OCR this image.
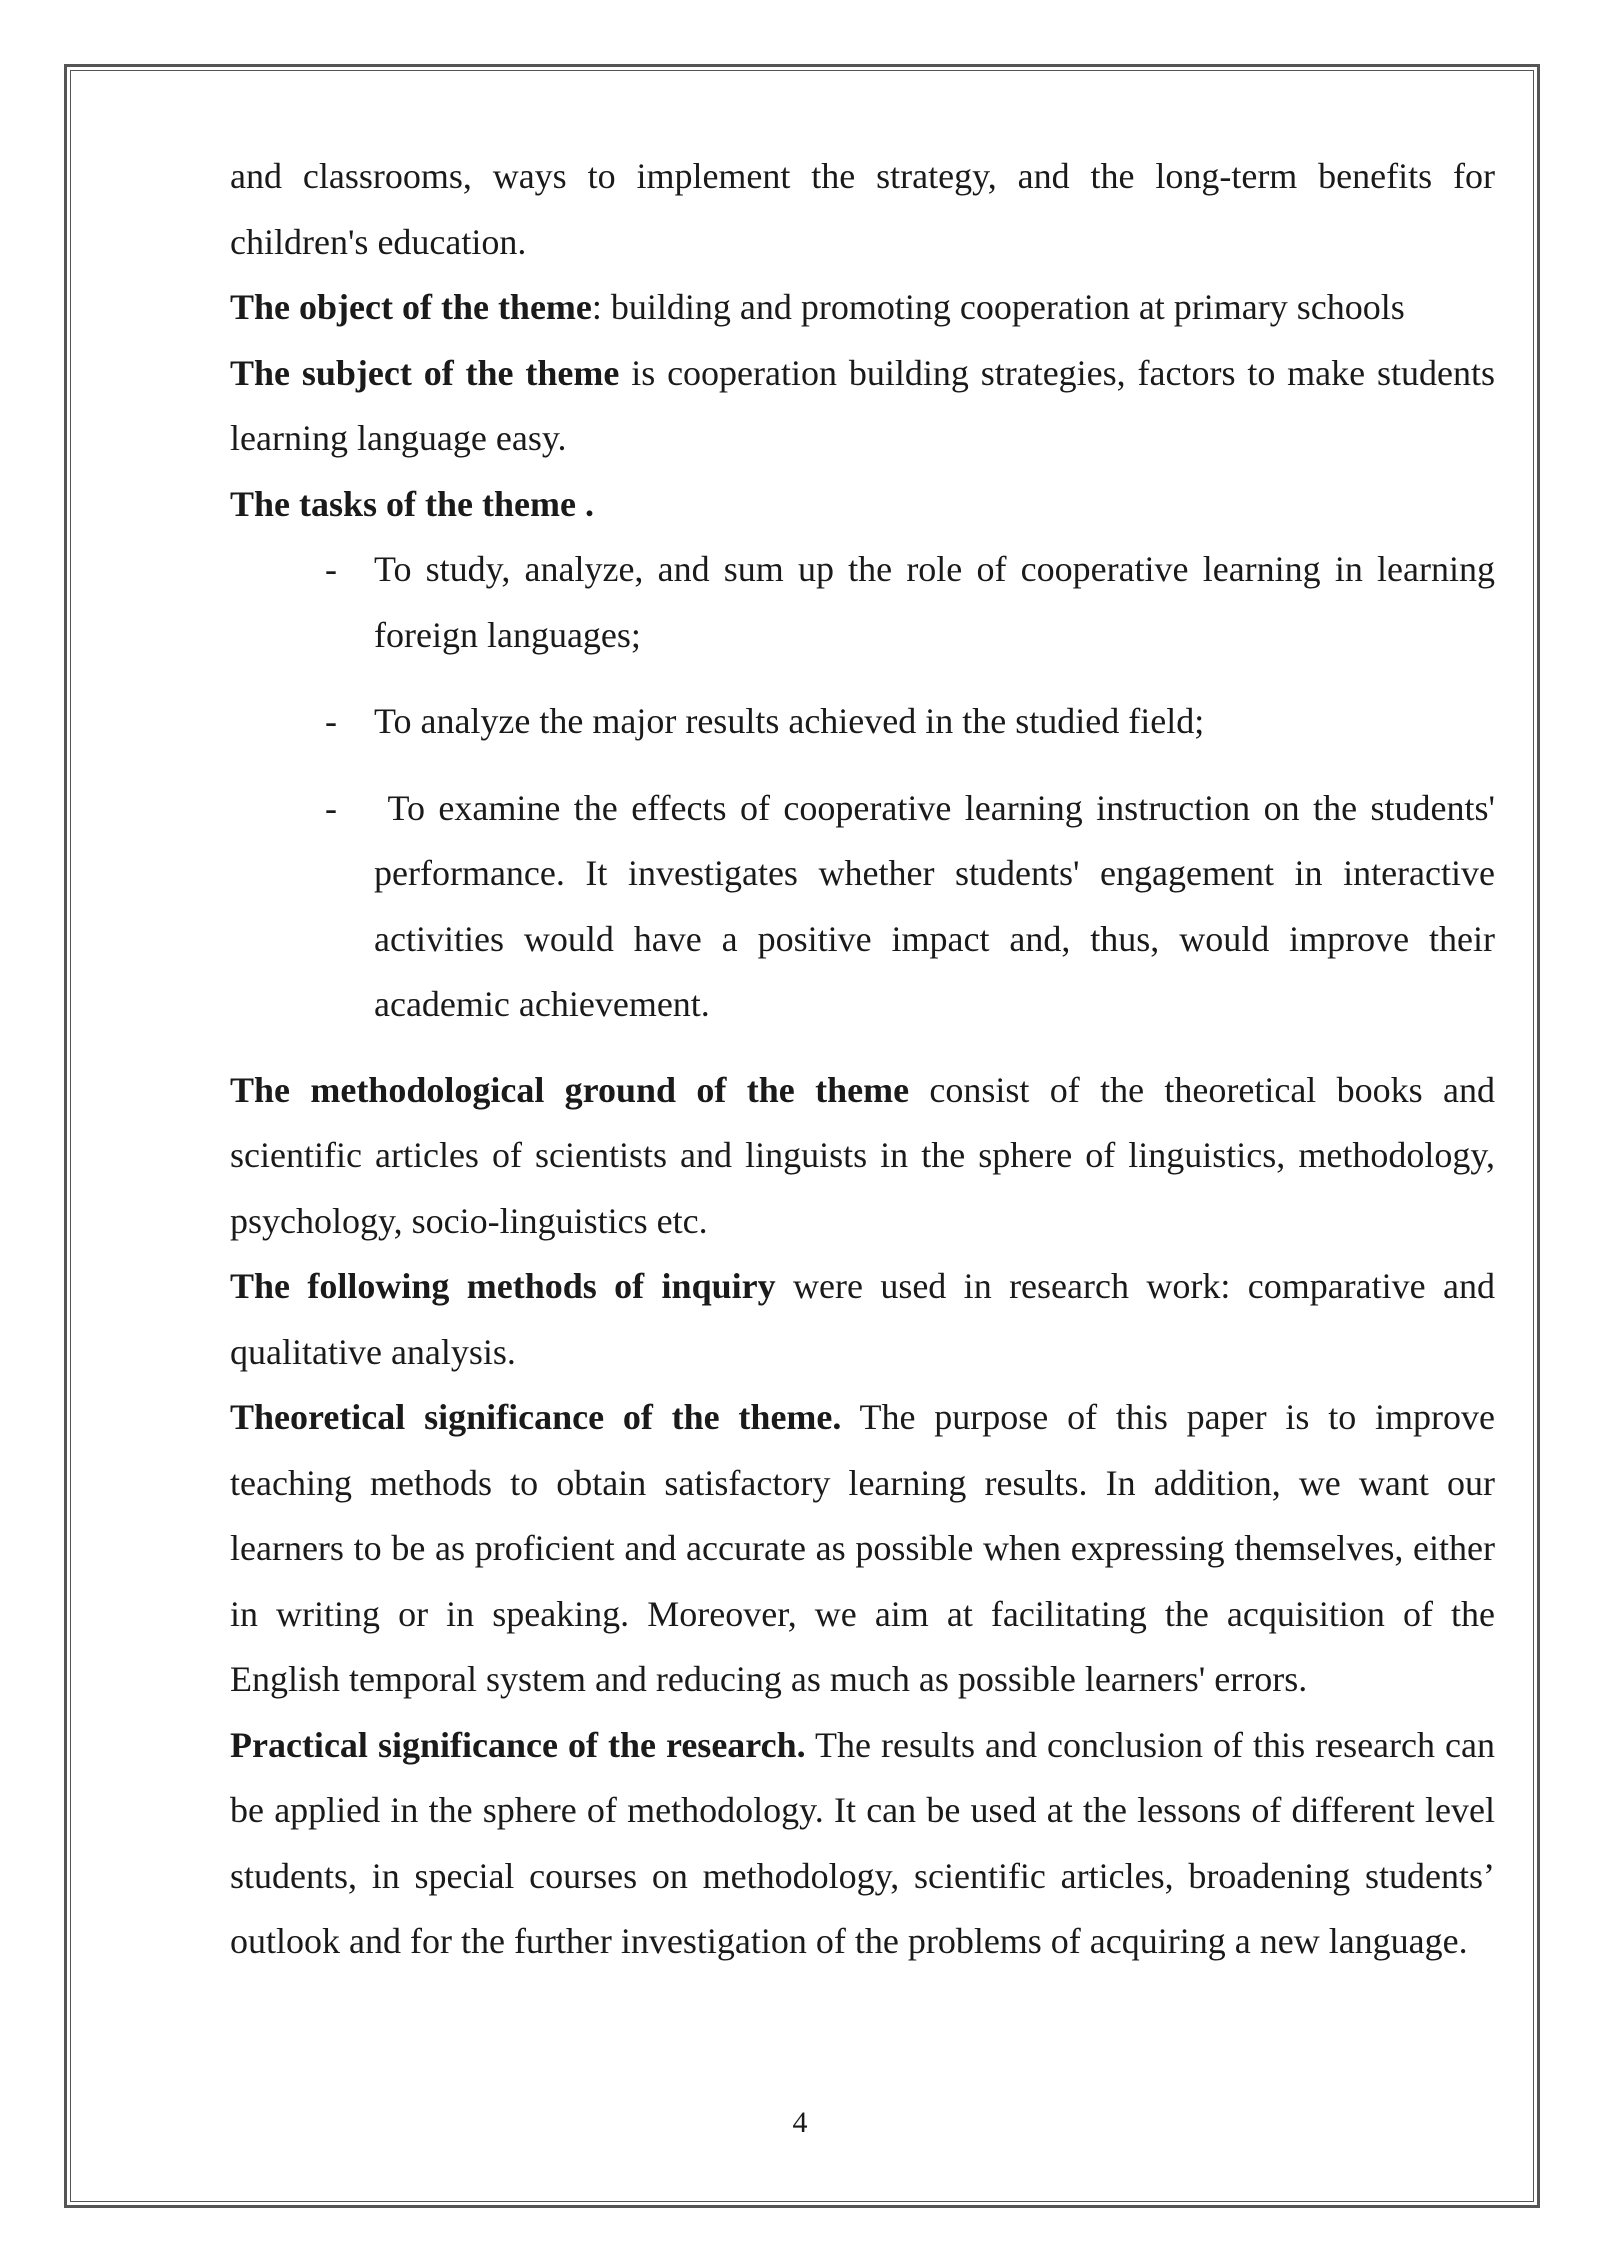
and classrooms, ways to implement the strategy, and the long-term benefits for children's education.

The object of the theme: building and promoting cooperation at primary schools

The subject of the theme is cooperation building strategies, factors to make students learning language easy.

The tasks of the theme .

- To study, analyze, and sum up the role of cooperative learning in learning foreign languages;
- To analyze the major results achieved in the studied field;
- To examine the effects of cooperative learning instruction on the students' performance. It investigates whether students' engagement in interactive activities would have a positive impact and, thus, would improve their academic achievement.

The methodological ground of the theme consist of the theoretical books and scientific articles of scientists and linguists in the sphere of linguistics, methodology, psychology, socio-linguistics etc.

The following methods of inquiry were used in research work: comparative and qualitative analysis.

Theoretical significance of the theme. The purpose of this paper is to improve teaching methods to obtain satisfactory learning results. In addition, we want our learners to be as proficient and accurate as possible when expressing themselves, either in writing or in speaking. Moreover, we aim at facilitating the acquisition of the English temporal system and reducing as much as possible learners' errors.

Practical significance of the research. The results and conclusion of this research can be applied in the sphere of methodology. It can be used at the lessons of different level students, in special courses on methodology, scientific articles, broadening students’ outlook and for the further investigation of the problems of acquiring a new language.

4
